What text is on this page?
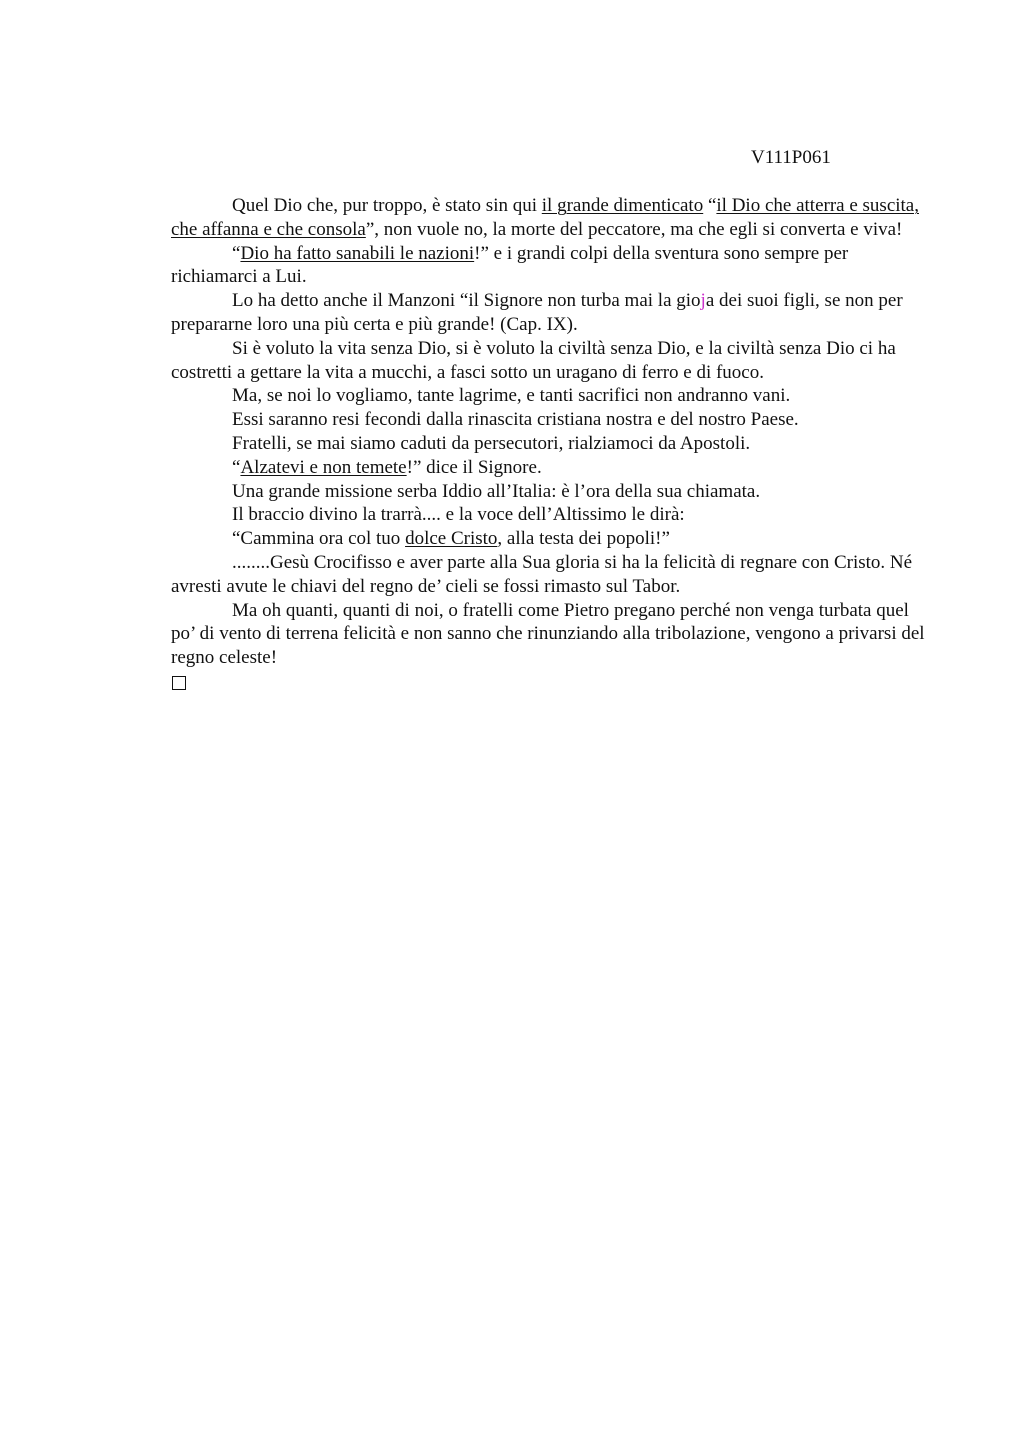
V111P061

Quel Dio che, pur troppo, è stato sin qui il grande dimenticato “il Dio che atterra e suscita, che affanna e che consola”, non vuole no, la morte del peccatore, ma che egli si converta e viva!

“Dio ha fatto sanabili le nazioni!” e i grandi colpi della sventura sono sempre per richiamarci a Lui.

Lo ha detto anche il Manzoni “il Signore non turba mai la gioja dei suoi figli, se non per prepararne loro una più certa e più grande! (Cap. IX).

Si è voluto la vita senza Dio, si è voluto la civiltà senza Dio, e la civiltà senza Dio ci ha costretti a gettare la vita a mucchi, a fasci sotto un uragano di ferro e di fuoco.

Ma, se noi lo vogliamo, tante lagrime, e tanti sacrifici non andranno vani.

Essi saranno resi fecondi dalla rinascita cristiana nostra e del nostro Paese.

Fratelli, se mai siamo caduti da persecutori, rialziamoci da Apostoli.

“Alzatevi e non temete!” dice il Signore.

Una grande missione serba Iddio all’Italia: è l’ora della sua chiamata.

Il braccio divino la trarrà.... e la voce dell’Altissimo le dirà:

“Cammina ora col tuo dolce Cristo, alla testa dei popoli!”

........Gesù Crocifisso e aver parte alla Sua gloria si ha la felicità di regnare con Cristo. Né avresti avute le chiavi del regno de’ cieli se fossi rimasto sul Tabor.

Ma oh quanti, quanti di noi, o fratelli come Pietro pregano perché non venga turbata quel po’ di vento di terrena felicità e non sanno che rinunziando alla tribolazione, vengono a privarsi del regno celeste!
